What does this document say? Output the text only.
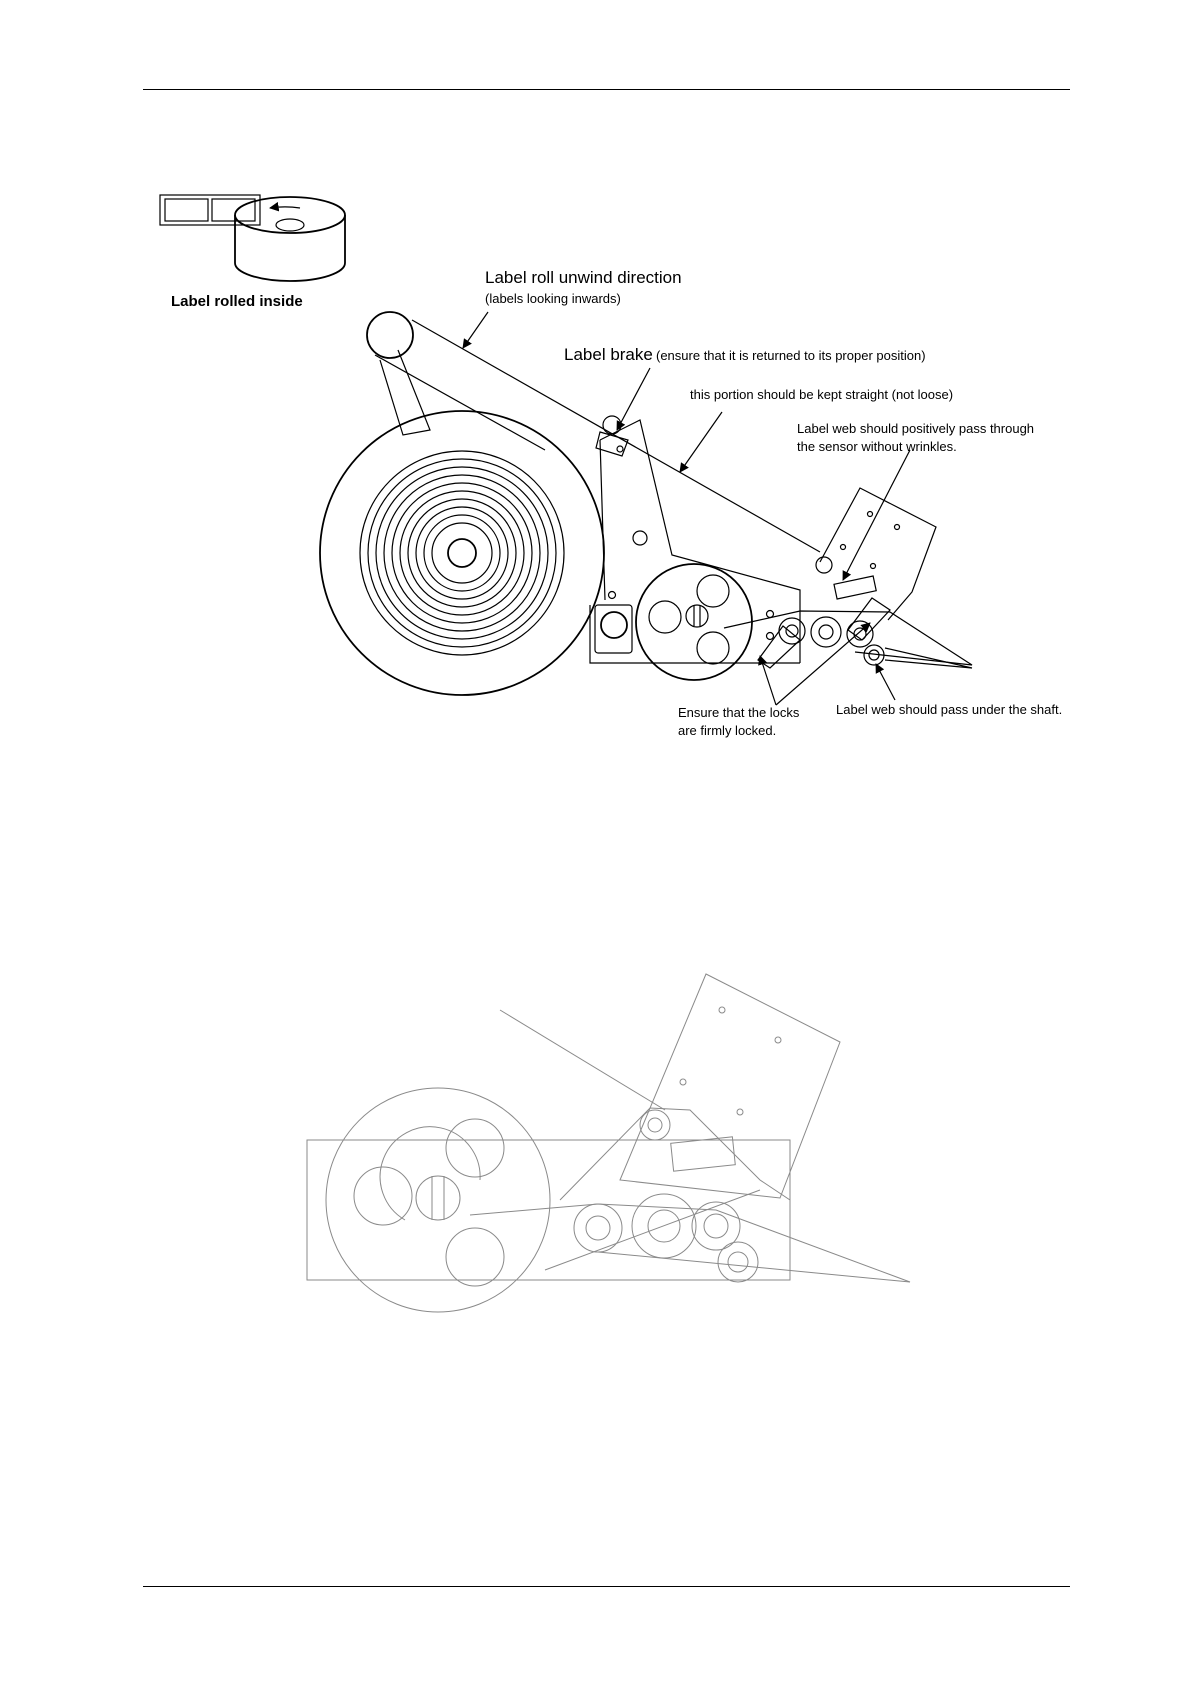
Label rolled inside
Label roll unwind direction
(labels looking inwards)
Label brake (ensure that it is returned to its proper position)
this portion should be kept straight (not loose)
Label web should positively pass through
the sensor without wrinkles.
Ensure that the locks
are firmly locked.
Label web should pass under the shaft.
